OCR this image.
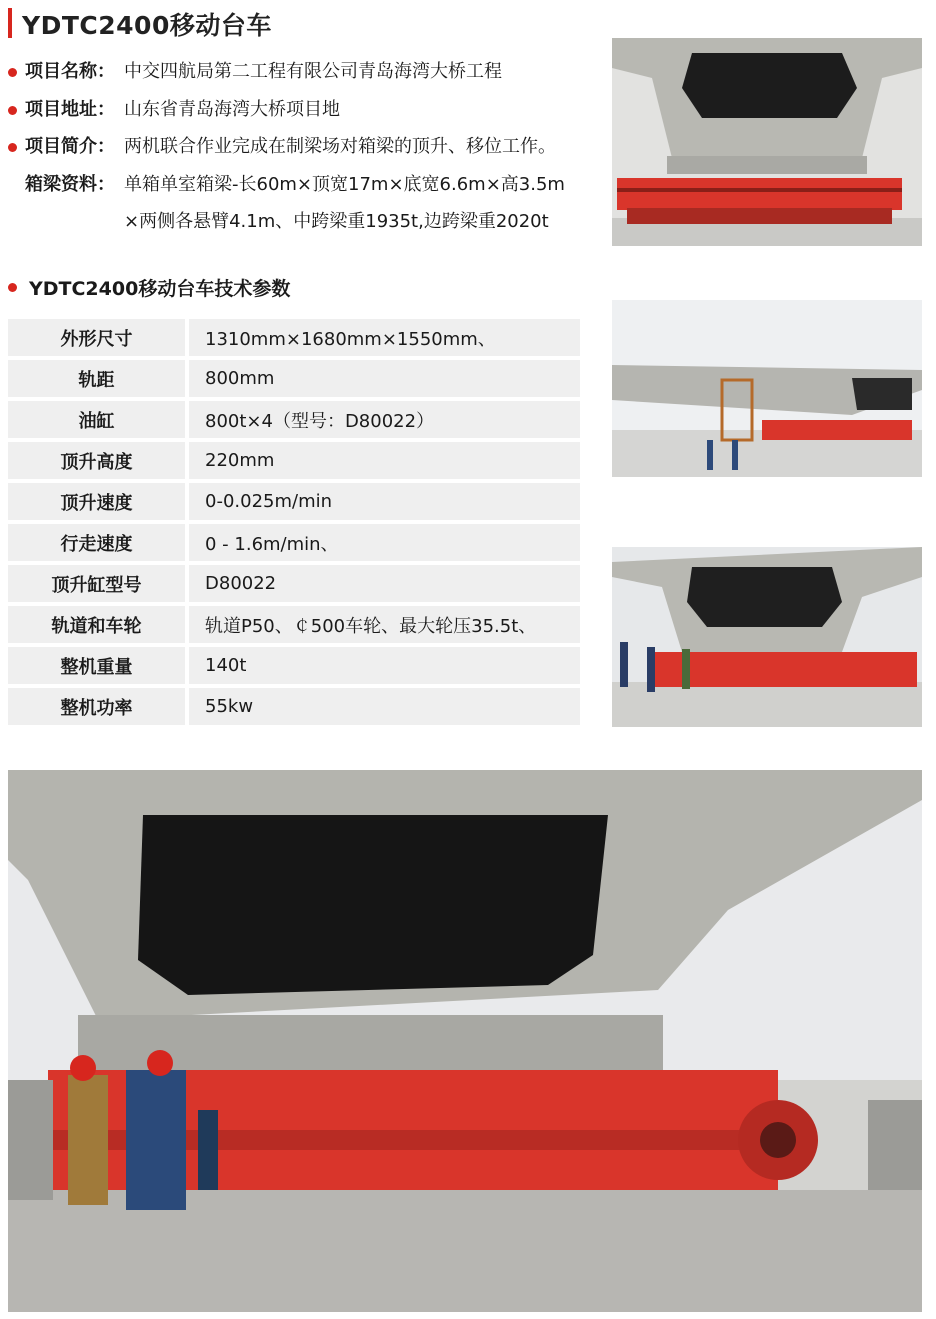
YDTC2400移动台车
项目名称： 中交四航局第二工程有限公司青岛海湾大桥工程
项目地址： 山东省青岛海湾大桥项目地
项目简介： 两机联合作业完成在制梁场对箱梁的顶升、移位工作。
箱梁资料： 单箱单室箱梁-长60m×顶宽17m×底宽6.6m×高3.5m
×两侧各悬臂4.1m、中跨梁重1935t,边跨梁重2020t
YDTC2400移动台车技术参数
外形尺寸	1310mm×1680mm×1550mm、
轨距	800mm
油缸	800t×4（型号：D80022）
顶升高度	220mm
顶升速度	0-0.025m/min
行走速度	0 - 1.6m/min、
顶升缸型号	D80022
轨道和车轮	轨道P50、￠500车轮、最大轮压35.5t、
整机重量	140t
整机功率	55kw
